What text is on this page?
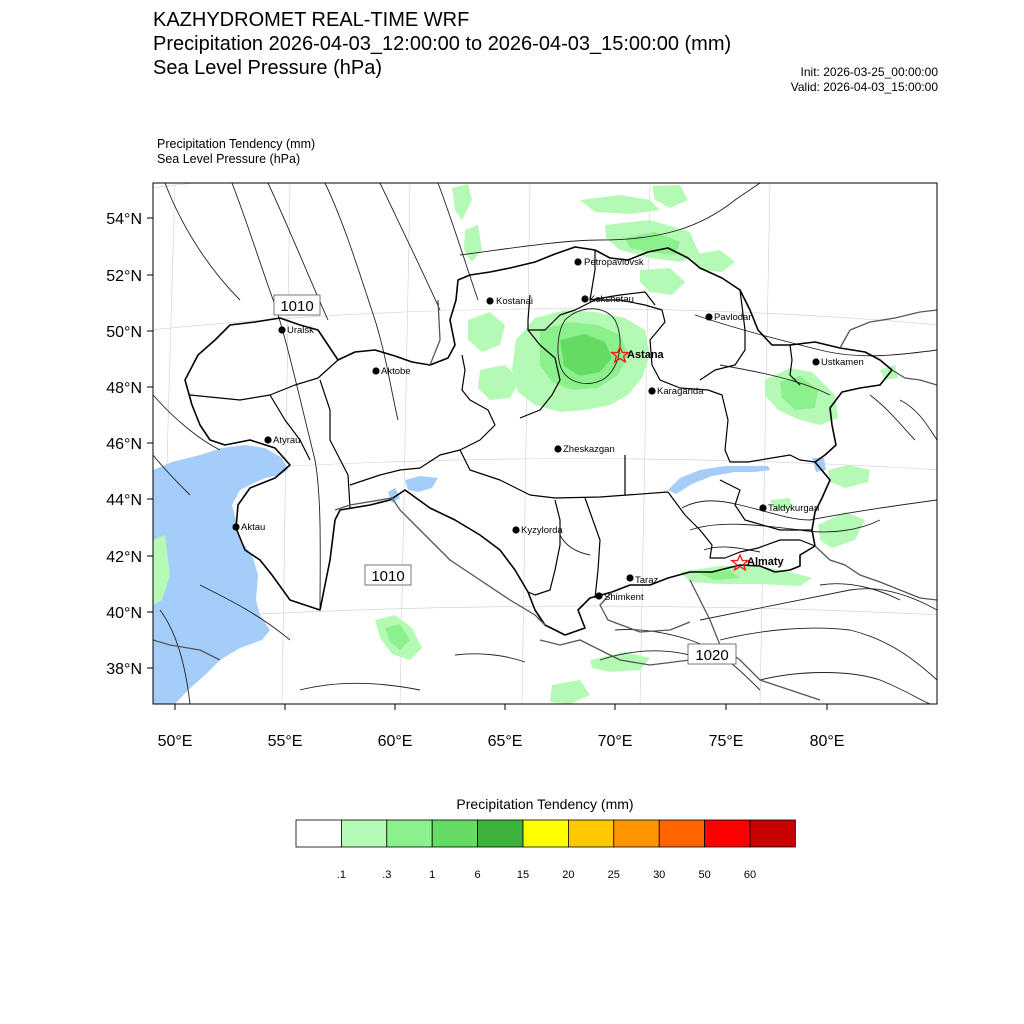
54°N
52°N
50°N
48°N
46°N
44°N
42°N
40°N
38°N
50°E	55°E	60°E	65°E	70°E	75°E	80°E
1010
1010
1020
Petropavlovsk
Kostanai	Kokshetau
Pavlodar
Uralsk
Astana
Ustkamen
Aktobe
Karaganda
Atyrau
Zheskazgan
Taldykurgan
Aktau	Kyzylorda
Almaty
Taraz
Shimkent
.1	.3	1	6	15	20	25	30	50	60
KAZHYDROMET REAL-TIME WRF
Precipitation 2026-04-03_12:00:00 to 2026-04-03_15:00:00 (mm)
Sea Level Pressure (hPa)	Init: 2026-03-25_00:00:00
Valid: 2026-04-03_15:00:00
Precipitation Tendency (mm)
Sea Level Pressure (hPa)
Precipitation Tendency (mm)
